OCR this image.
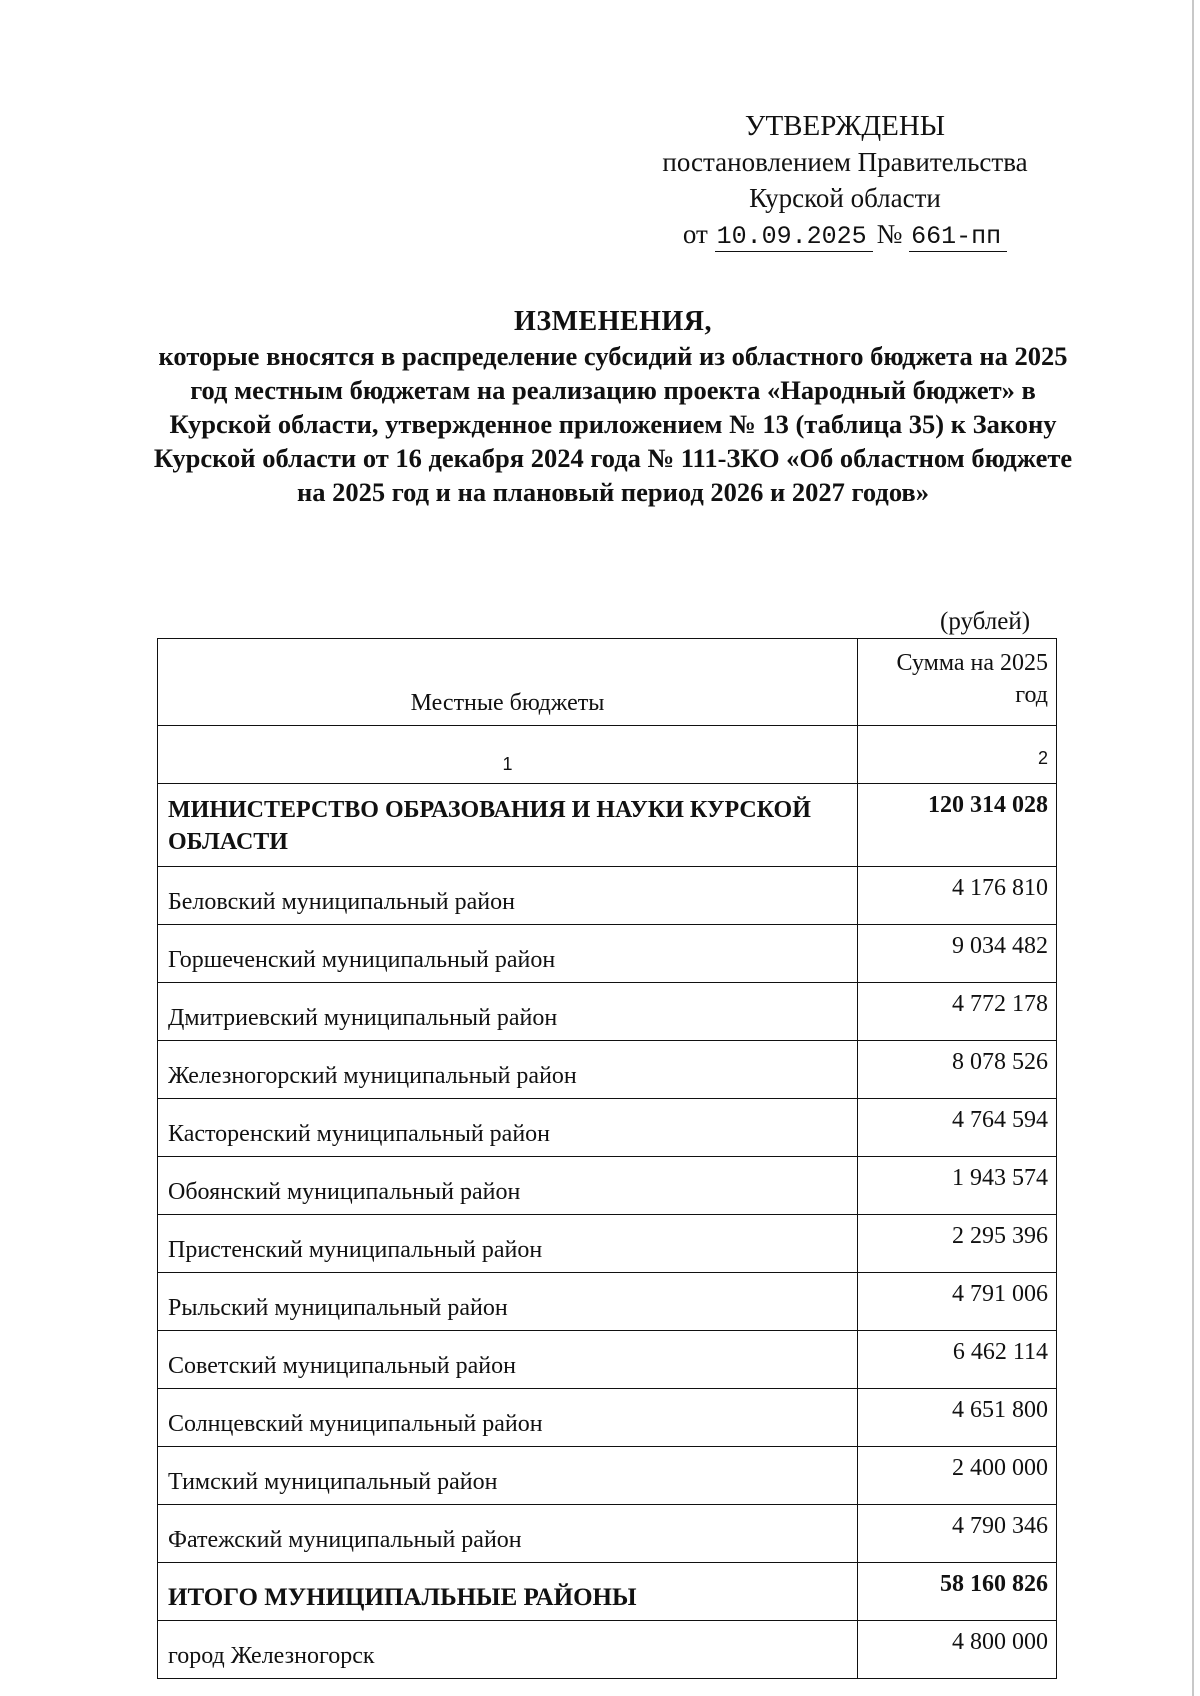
УТВЕРЖДЕНЫ
постановлением Правительства
Курской области
от 10.09.2025 № 661-пп
ИЗМЕНЕНИЯ,
которые вносятся в распределение субсидий из областного бюджета на 2025 год местным бюджетам на реализацию проекта «Народный бюджет» в Курской области, утвержденное приложением № 13 (таблица 35) к Закону Курской области от 16 декабря 2024 года № 111-ЗКО «Об областном бюджете на 2025 год и на плановый период 2026 и 2027 годов»
(рублей)
Местные бюджеты	Сумма на 2025 год
1	2
МИНИСТЕРСТВО ОБРАЗОВАНИЯ И НАУКИ КУРСКОЙ ОБЛАСТИ	120 314 028
Беловский муниципальный район	4 176 810
Горшеченский муниципальный район	9 034 482
Дмитриевский муниципальный район	4 772 178
Железногорский муниципальный район	8 078 526
Касторенский муниципальный район	4 764 594
Обоянский муниципальный район	1 943 574
Пристенский муниципальный район	2 295 396
Рыльский муниципальный район	4 791 006
Советский муниципальный район	6 462 114
Солнцевский муниципальный район	4 651 800
Тимский муниципальный район	2 400 000
Фатежский муниципальный район	4 790 346
ИТОГО МУНИЦИПАЛЬНЫЕ РАЙОНЫ	58 160 826
город Железногорск	4 800 000
